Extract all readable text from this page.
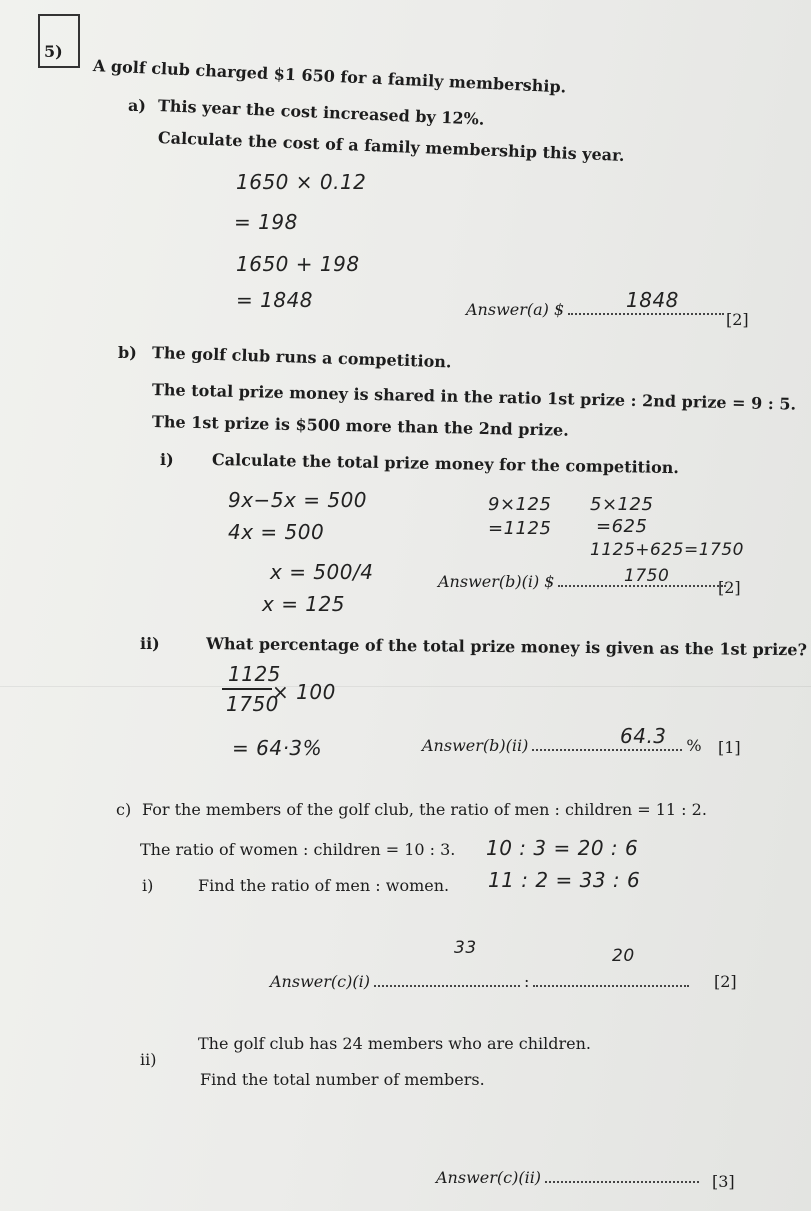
5)
A golf club charged $1 650 for a family membership.
a) This year the cost increased by 12%.
Calculate the cost of a family membership this year.
1650 × 0.12
= 198
1650 + 198
= 1848	Answer(a) $	1848
[2]
b) The golf club runs a competition.
The total prize money is shared in the ratio 1st prize : 2nd prize = 9 : 5.
The 1st prize is $500 more than the 2nd prize.
i) Calculate the total prize money for the competition.
9x−5x = 500
4x = 500
x = 500/4
x = 125
9×125
=1125
5×125
=625
1125+625=1750
Answer(b)(i) $	1750
[2]
ii)	What percentage of the total prize money is given as the 1st prize?
1125
1750
× 100
= 64·3%	Answer(b)(ii)	%
64.3	[1]
c) For the members of the golf club, the ratio of men : children = 11 : 2.
The ratio of women : children = 10 : 3. 10 : 3 = 20 : 6
11 : 2 = 33 : 6
i)	Find the ratio of men : women.
33	20
Answer(c)(i)	:	[2]
ii)
The golf club has 24 members who are children.
Find the total number of members.
Answer(c)(ii)	[3]
